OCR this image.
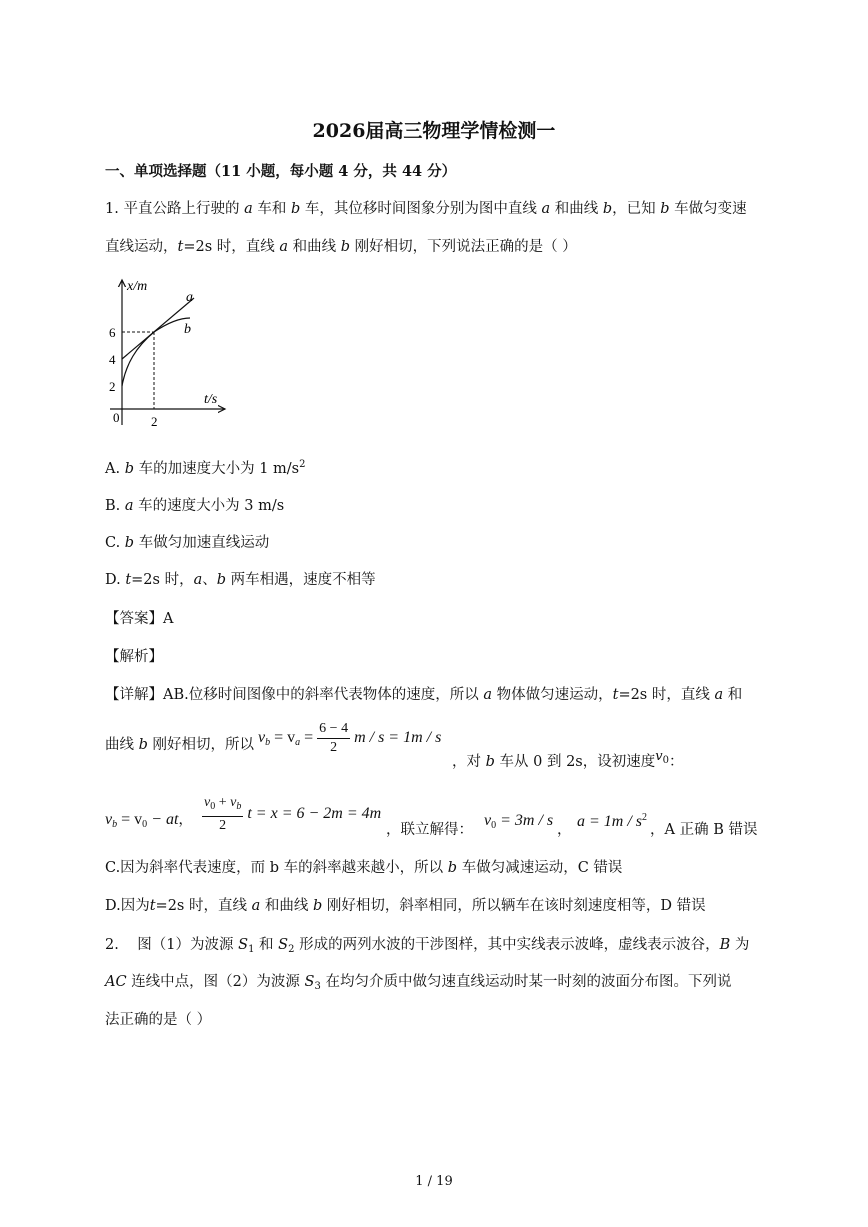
2026届高三物理学情检测一
一、单项选择题（11 小题，每小题 4 分，共 44 分）
1. 平直公路上行驶的 a 车和 b 车，其位移时间图象分别为图中直线 a 和曲线 b，已知 b 车做匀变速
直线运动，t=2s 时，直线 a 和曲线 b 刚好相切，下列说法正确的是（ ）
x/m
t/s
0
6
4
2
2
a
b
A. b 车的加速度大小为 1 $m/s^2$
B. a 车的速度大小为 3 m/s
C. b 车做匀加速直线运动
D. t=2s 时，a、b 两车相遇，速度不相等
【答案】A
【解析】
【详解】AB.位移时间图像中的斜率代表物体的速度，所以 a 物体做匀速运动，t=2s 时，直线 a 和
曲线 b 刚好相切，所以 $v_b = v_a = \frac{6 - 4}{2}$ m / s = 1m / s
，对 b 车从 0 到 2s，设初速度$v_0$：
$v_b = v_0$ − at， $\frac{v_0 + v_b}{2}$ t = x = 6 − 2m = 4m
，联立解得：
$v_0 = 3m / s$
， $a = 1m / s^2$
，A 正确 B 错误
C.因为斜率代表速度，而 b 车的斜率越来越小，所以 b 车做匀减速运动，C 错误
D.因为t=2s 时，直线 a 和曲线 b 刚好相切，斜率相同，所以辆车在该时刻速度相等，D 错误
2. 图（1）为波源 $S_1$ 和 $S_2$ 形成的两列水波的干涉图样，其中实线表示波峰，虚线表示波谷，B 为
AC 连线中点，图（2）为波源 $S_3$ 在均匀介质中做匀速直线运动时某一时刻的波面分布图。下列说
法正确的是（ ）
1 / 19
